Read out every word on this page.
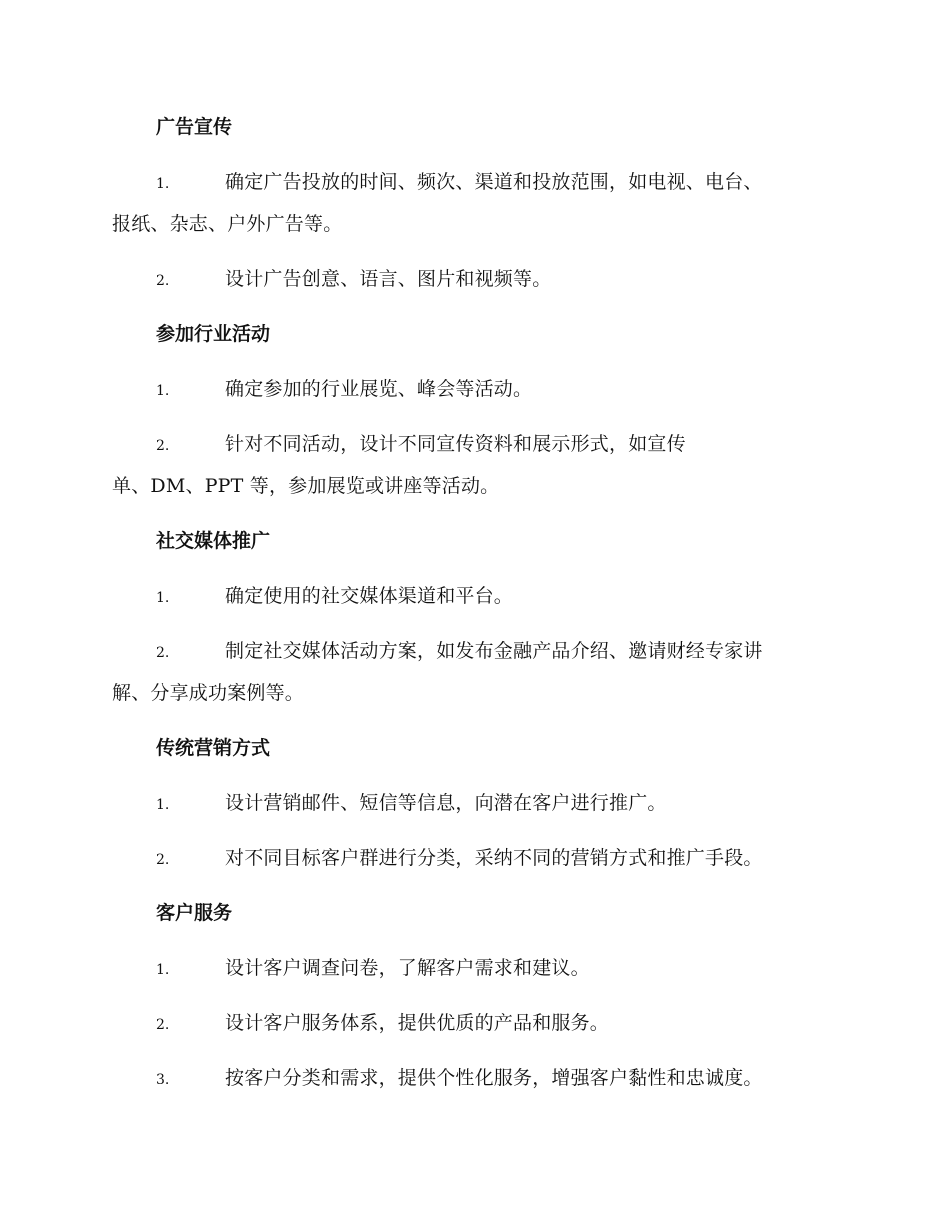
广告宣传
1.	确定广告投放的时间、频次、渠道和投放范围，如电视、电台、
报纸、杂志、户外广告等。
2.	设计广告创意、语言、图片和视频等。
参加行业活动
1.	确定参加的行业展览、峰会等活动。
2.	针对不同活动，设计不同宣传资料和展示形式，如宣传
单、DM、PPT 等，参加展览或讲座等活动。
社交媒体推广
1.	确定使用的社交媒体渠道和平台。
2.	制定社交媒体活动方案，如发布金融产品介绍、邀请财经专家讲
解、分享成功案例等。
传统营销方式
1.	设计营销邮件、短信等信息，向潜在客户进行推广。
2.	对不同目标客户群进行分类，采纳不同的营销方式和推广手段。
客户服务
1.	设计客户调查问卷，了解客户需求和建议。
2.	设计客户服务体系，提供优质的产品和服务。
3.	按客户分类和需求，提供个性化服务，增强客户黏性和忠诚度。
